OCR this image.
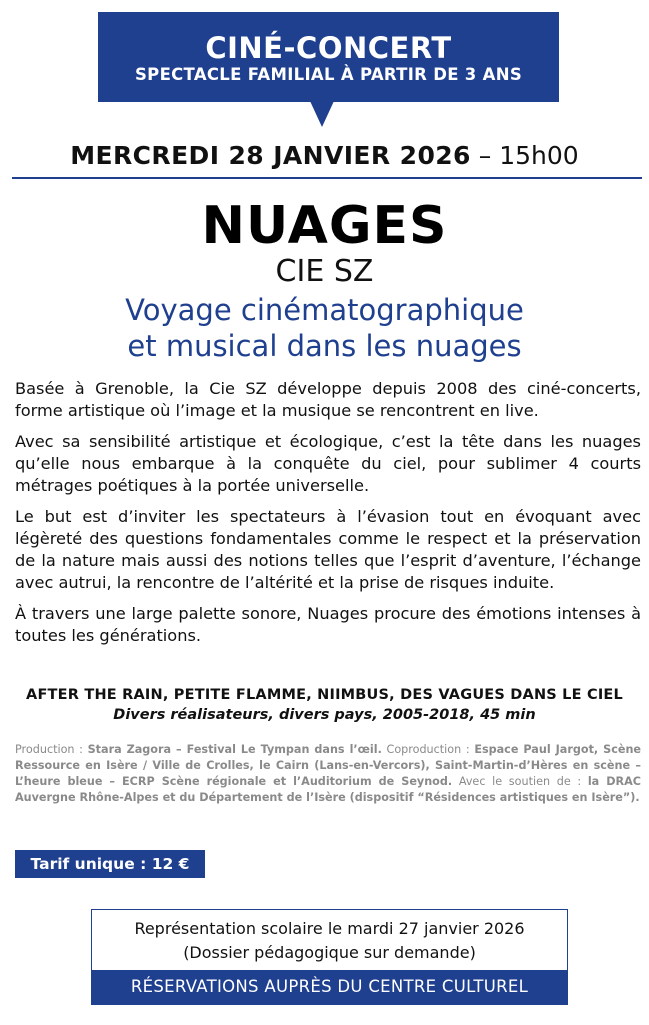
CINÉ-CONCERT
SPECTACLE FAMILIAL À PARTIR DE 3 ANS
MERCREDI 28 JANVIER 2026 – 15h00
NUAGES
CIE SZ
Voyage cinématographique
et musical dans les nuages

Basée à Grenoble, la Cie SZ développe depuis 2008 des ciné-concerts, forme artistique où l’image et la musique se rencontrent en live.

Avec sa sensibilité artistique et écologique, c’est la tête dans les nuages qu’elle nous embarque à la conquête du ciel, pour sublimer 4 courts métrages poétiques à la portée universelle.

Le but est d’inviter les spectateurs à l’évasion tout en évoquant avec légèreté des questions fondamentales comme le respect et la préservation de la nature mais aussi des notions telles que l’esprit d’aventure, l’échange avec autrui, la rencontre de l’altérité et la prise de risques induite.

À travers une large palette sonore, Nuages procure des émotions intenses à toutes les générations.

AFTER THE RAIN, PETITE FLAMME, NIIMBUS, DES VAGUES DANS LE CIEL
Divers réalisateurs, divers pays, 2005-2018, 45 min
Production : Stara Zagora – Festival Le Tympan dans l’œil. Coproduction : Espace Paul Jargot, Scène Ressource en Isère / Ville de Crolles, le Cairn (Lans-en-Vercors), Saint-Martin-d’Hères en scène – L’heure bleue – ECRP Scène régionale et l’Auditorium de Seynod. Avec le soutien de : la DRAC Auvergne Rhône-Alpes et du Département de l’Isère (dispositif “Résidences artistiques en Isère”).
Tarif unique : 12 €
Représentation scolaire le mardi 27 janvier 2026
(Dossier pédagogique sur demande)
RÉSERVATIONS AUPRÈS DU CENTRE CULTUREL
